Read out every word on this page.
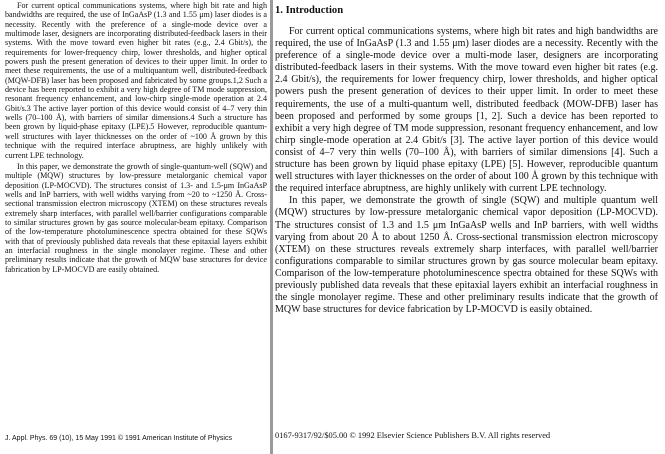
For current optical communications systems, where high bit rate and high bandwidths are required, the use of InGaAsP (1.3 and 1.55 μm) laser diodes is a necessity. Recently with the preference of a single-mode device over a multimode laser, designers are incorporating distributed-feedback lasers in their systems. With the move toward even higher bit rates (e.g., 2.4 Gbit/s), the requirements for lower-frequency chirp, lower thresholds, and higher optical powers push the present generation of devices to their upper limit. In order to meet these requirements, the use of a multiquantum well, distributed-feedback (MQW-DFB) laser has been proposed and fabricated by some groups.1,2 Such a device has been reported to exhibit a very high degree of TM mode suppression, resonant frequency enhancement, and low-chirp single-mode operation at 2.4 Gbit/s.3 The active layer portion of this device would consist of 4–7 very thin wells (70–100 Å), with barriers of similar dimensions.4 Such a structure has been grown by liquid-phase epitaxy (LPE).5 However, reproducible quantum-well structures with layer thicknesses on the order of ~100 Å grown by this technique with the required interface abruptness, are highly unlikely with current LPE technology.

In this paper, we demonstrate the growth of single-quantum-well (SQW) and multiple (MQW) structures by low-pressure metalorganic chemical vapor deposition (LP-MOCVD). The structures consist of 1.3- and 1.5-μm InGaAsP wells and InP barriers, with well widths varying from ~20 to ~1250 Å. Cross-sectional transmission electron microscopy (XTEM) on these structures reveals extremely sharp interfaces, with parallel well/barrier configurations comparable to similar structures grown by gas source molecular-beam epitaxy. Comparison of the low-temperature photoluminescence spectra obtained for these SQWs with that of previously published data reveals that these epitaxial layers exhibit an interfacial roughness in the single monolayer regime. These and other preliminary results indicate that the growth of MQW base structures for device fabrication by LP-MOCVD are easily obtained.

J. Appl. Phys. 69 (10), 15 May 1991 © 1991 American Institute of Physics
1. Introduction

For current optical communications systems, where high bit rates and high bandwidths are required, the use of InGaAsP (1.3 and 1.55 μm) laser diodes are a necessity. Recently with the preference of a single-mode device over a multi-mode laser, designers are incorporating distributed-feedback lasers in their systems. With the move toward even higher bit rates (e.g. 2.4 Gbit/s), the requirements for lower frequency chirp, lower thresholds, and higher optical powers push the present generation of devices to their upper limit. In order to meet these requirements, the use of a multi-quantum well, distributed feedback (MOW-DFB) laser has been proposed and performed by some groups [1, 2]. Such a device has been reported to exhibit a very high degree of TM mode suppression, resonant frequency enhancement, and low chirp single-mode operation at 2.4 Gbit/s [3]. The active layer portion of this device would consist of 4–7 very thin wells (70–100 Å), with barriers of similar dimensions [4]. Such a structure has been grown by liquid phase epitaxy (LPE) [5]. However, reproducible quantum well structures with layer thicknesses on the order of about 100 Å grown by this technique with the required interface abruptness, are highly unlikely with current LPE technology.

In this paper, we demonstrate the growth of single (SQW) and multiple quantum well (MQW) structures by low-pressure metalorganic chemical vapor deposition (LP-MOCVD). The structures consist of 1.3 and 1.5 μm InGaAsP wells and InP barriers, with well widths varying from about 20 Å to about 1250 Å. Cross-sectional transmission electron microscopy (XTEM) on these structures reveals extremely sharp interfaces, with parallel well/barrier configurations comparable to similar structures grown by gas source molecular beam epitaxy. Comparison of the low-temperature photoluminescence spectra obtained for these SQWs with previously published data reveals that these epitaxial layers exhibit an interfacial roughness in the single monolayer regime. These and other preliminary results indicate that the growth of MQW base structures for device fabrication by LP-MOCVD is easily obtained.

0167-9317/92/$05.00 © 1992 Elsevier Science Publishers B.V. All rights reserved
